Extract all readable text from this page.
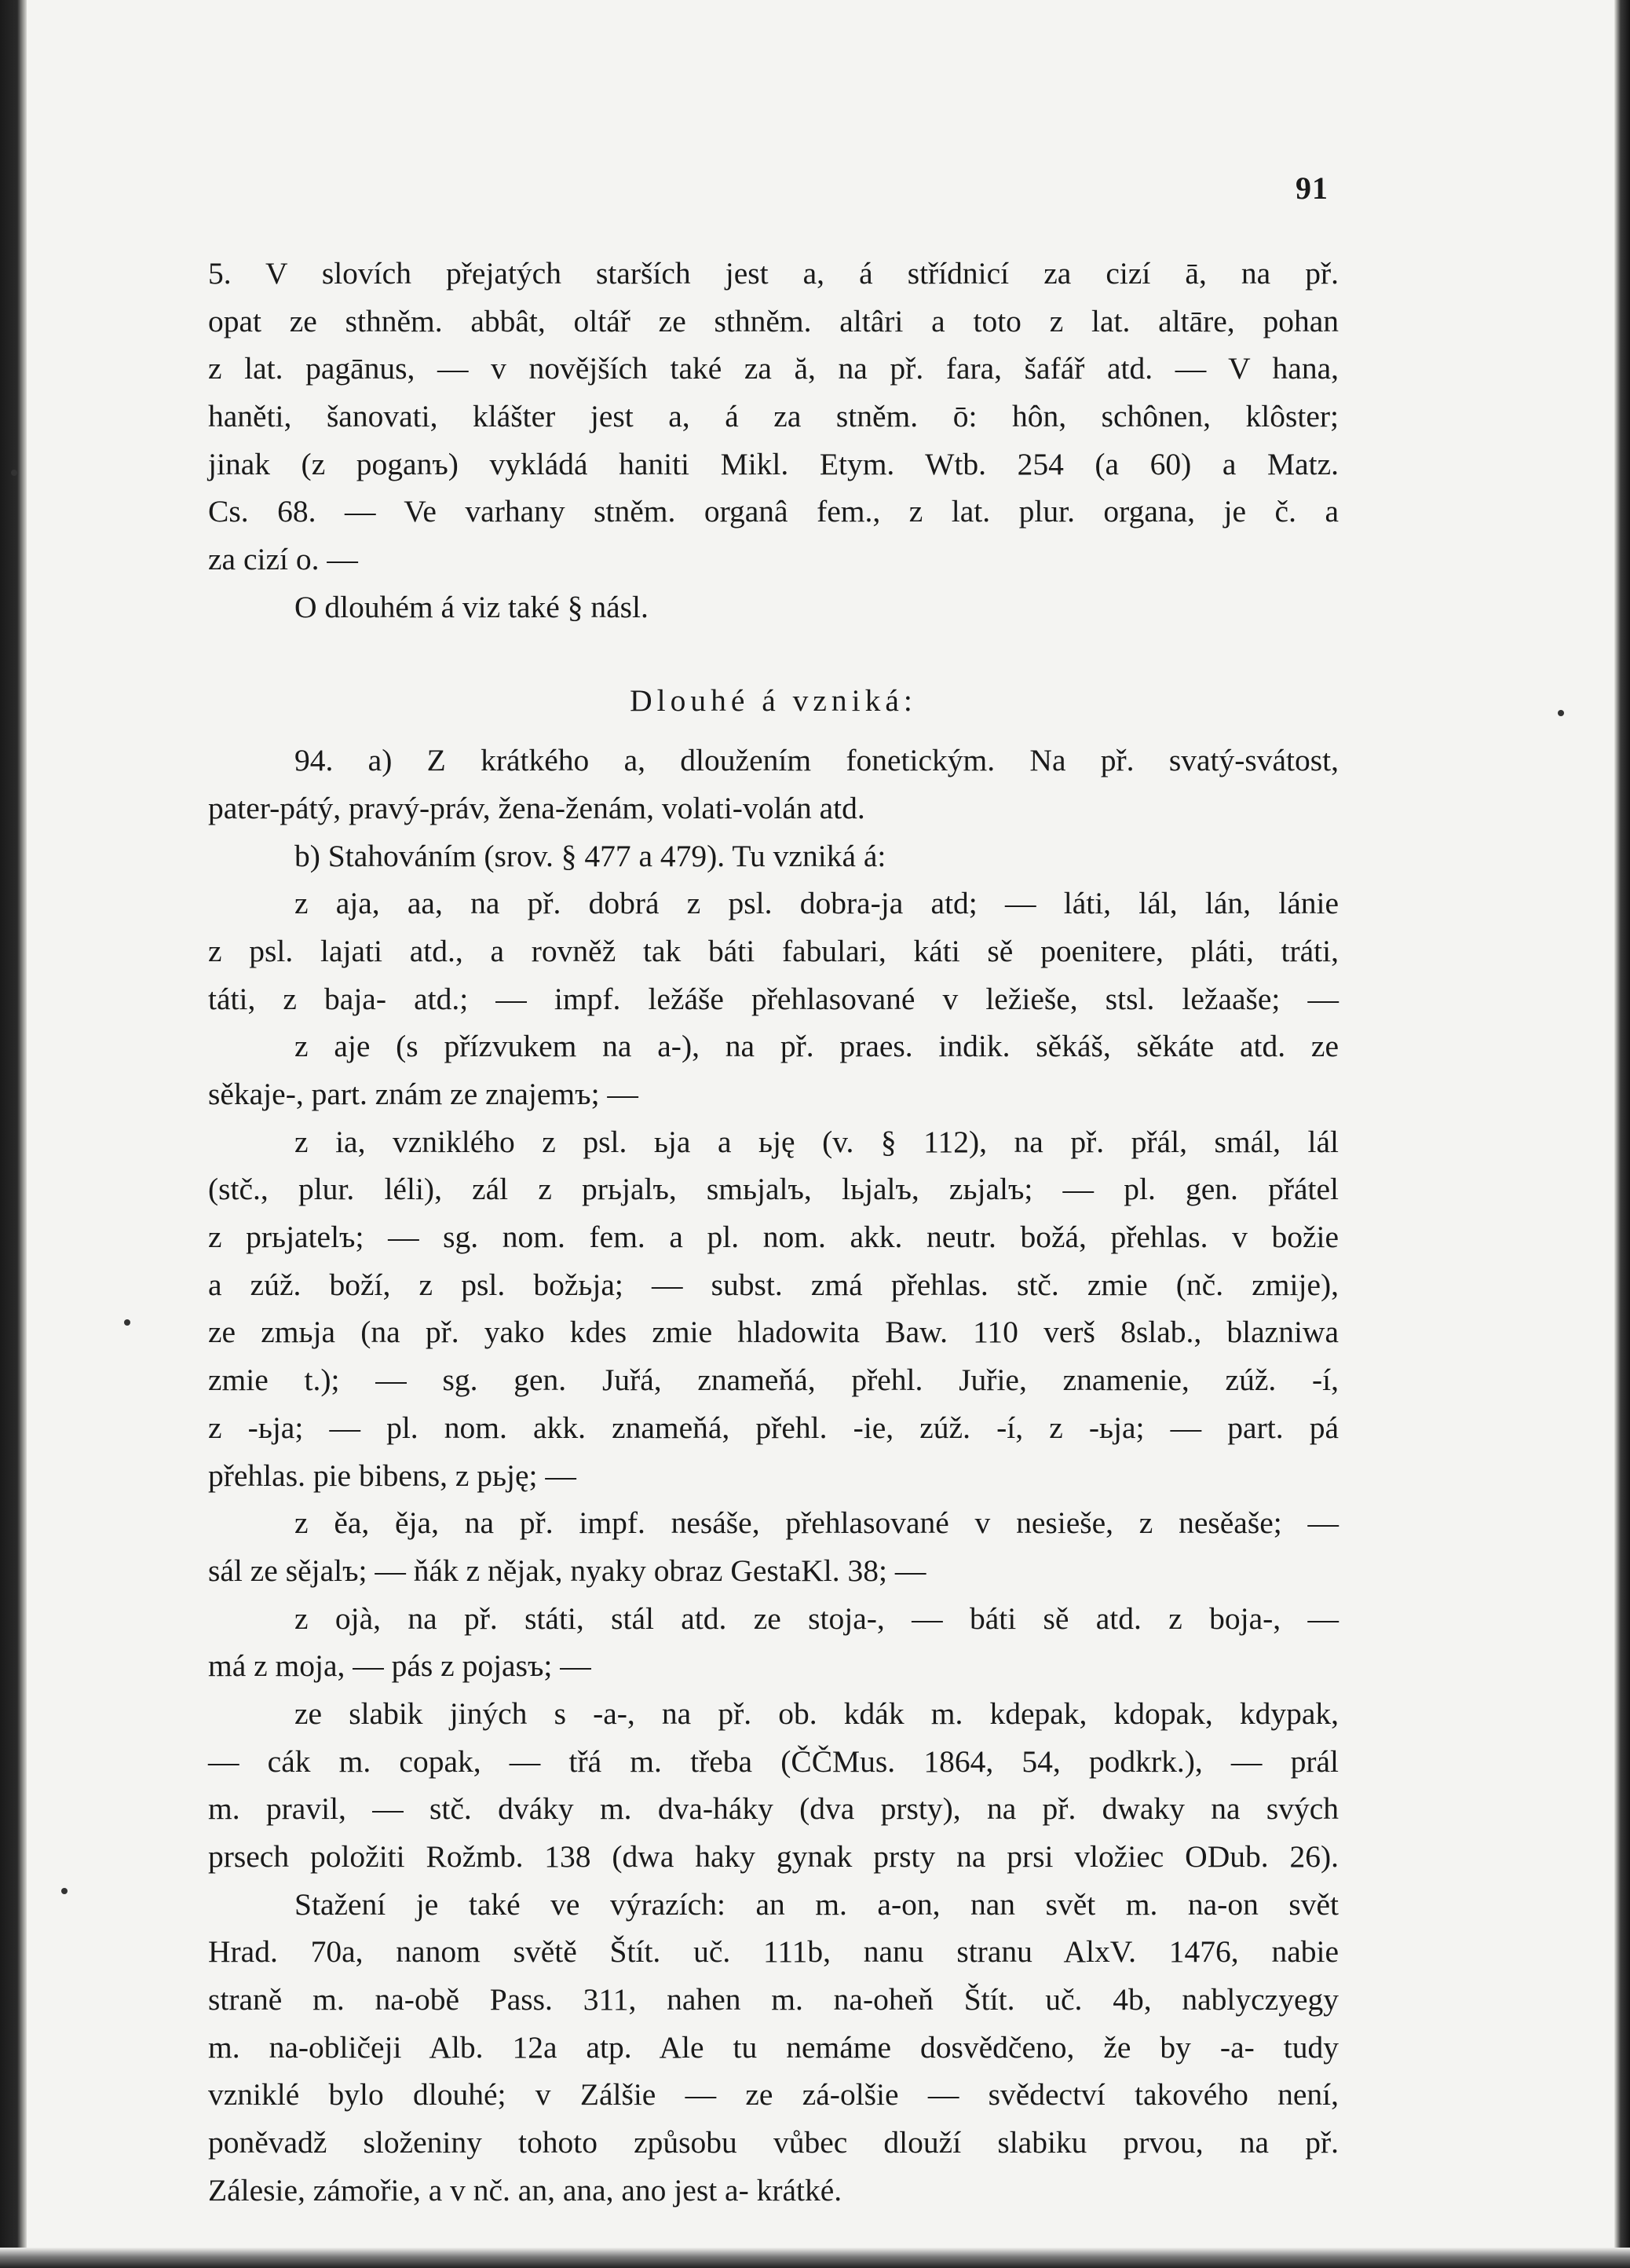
91
5. V slovích přejatých starších jest a, á střídnicí za cizí ā, na př.
opat ze sthněm. abbât, oltář ze sthněm. altâri a toto z lat. altāre, pohan
z lat. pagānus, — v novějších také za ă, na př. fara, šafář atd. — V hana,
haněti, šanovati, klášter jest a, á za stněm. ō: hôn, schônen, klôster;
jinak (z poganъ) vykládá haniti Mikl. Etym. Wtb. 254 (a 60) a Matz.
Cs. 68. — Ve varhany stněm. organâ fem., z lat. plur. organa, je č. a
za cizí o. —
O dlouhém á viz také § násl.
Dlouhé á vzniká:
94. a) Z krátkého a, dloužením fonetickým. Na př. svatý-svátost,
pater-pátý, pravý-práv, žena-ženám, volati-volán atd.
b) Stahováním (srov. § 477 a 479). Tu vzniká á:
z aja, aa, na př. dobrá z psl. dobra-ja atd; — láti, lál, lán, lánie
z psl. lajati atd., a rovněž tak báti fabulari, káti sě poenitere, pláti, tráti,
táti, z baja- atd.; — impf. ležáše přehlasované v ležieše, stsl. ležaaše; —
z aje (s přízvukem na a-), na př. praes. indik. sěkáš, sěkáte atd. ze
sěkaje-, part. znám ze znajemъ; —
z ia, vzniklého z psl. ьja a ьję (v. § 112), na př. přál, smál, lál
(stč., plur. léli), zál z prьjalъ, smьjalъ, lьjalъ, zьjalъ; — pl. gen. přátel
z prьjatelъ; — sg. nom. fem. a pl. nom. akk. neutr. božá, přehlas. v božie
a zúž. boží, z psl. božьja; — subst. zmá přehlas. stč. zmie (nč. zmije),
ze zmьja (na př. yako kdes zmie hladowita Baw. 110 verš 8slab., blazniwa
zmie t.); — sg. gen. Juřá, znameňá, přehl. Juřie, znamenie, zúž. -í,
z -ьja; — pl. nom. akk. znameňá, přehl. -ie, zúž. -í, z -ьja; — part. pá
přehlas. pie bibens, z pьję; —
z ěa, ěja, na př. impf. nesáše, přehlasované v nesieše, z nesěaše; —
sál ze sějalъ; — ňák z nějak, nyaky obraz GestaKl. 38; —
z ojà, na př. státi, stál atd. ze stoja-, — báti sě atd. z boja-, —
má z moja, — pás z pojasъ; —
ze slabik jiných s -a-, na př. ob. kdák m. kdepak, kdopak, kdypak,
— cák m. copak, — třá m. třeba (ČČMus. 1864, 54, podkrk.), — prál
m. pravil, — stč. dváky m. dva-háky (dva prsty), na př. dwaky na svých
prsech položiti Rožmb. 138 (dwa haky gynak prsty na prsi vložiec ODub. 26).
Stažení je také ve výrazích: an m. a-on, nan svět m. na-on svět
Hrad. 70a, nanom světě Štít. uč. 111b, nanu stranu AlxV. 1476, nabie
straně m. na-obě Pass. 311, nahen m. na-oheň Štít. uč. 4b, nablyczyegy
m. na-obličeji Alb. 12a atp. Ale tu nemáme dosvědčeno, že by -a- tudy
vzniklé bylo dlouhé; v Zálšie — ze zá-olšie — svědectví takového není,
poněvadž složeniny tohoto způsobu vůbec dlouží slabiku prvou, na př.
Zálesie, zámořie, a v nč. an, ana, ano jest a- krátké.
